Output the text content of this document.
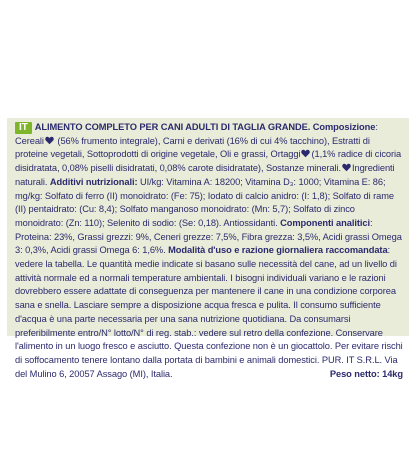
IT ALIMENTO COMPLETO PER CANI ADULTI DI TAGLIA GRANDE. Composizione: Cereali (56% frumento integrale), Carni e derivati (16% di cui 4% tacchino), Estratti di proteine vegetali, Sottoprodotti di origine vegetale, Oli e grassi, Ortaggi (1,1% radice di cicoria disidratata, 0,08% piselli disidratati, 0,08% carote disidratate), Sostanze minerali. Ingredienti naturali. Additivi nutrizionali: UI/kg: Vitamina A: 18200; Vitamina D₃: 1000; Vitamina E: 86; mg/kg: Solfato di ferro (II) monoidrato: (Fe: 75); Iodato di calcio anidro: (I: 1,8); Solfato di rame (II) pentaidrato: (Cu: 8,4); Solfato manganoso monoidrato: (Mn: 5,7); Solfato di zinco monoidrato: (Zn: 110); Selenito di sodio: (Se: 0,18). Antiossidanti. Componenti analitici: Proteina: 23%, Grassi grezzi: 9%, Ceneri grezze: 7,5%, Fibra grezza: 3,5%, Acidi grassi Omega 3: 0,3%, Acidi grassi Omega 6: 1,6%. Modalità d'uso e razione giornaliera raccomandata: vedere la tabella. Le quantità medie indicate si basano sulle necessità del cane, ad un livello di attività normale ed a normali temperature ambientali. I bisogni individuali variano e le razioni dovrebbero essere adattate di conseguenza per mantenere il cane in una condizione corporea sana e snella. Lasciare sempre a disposizione acqua fresca e pulita. Il consumo sufficiente d'acqua è una parte necessaria per una sana nutrizione quotidiana. Da consumarsi preferibilmente entro/N° lotto/N° di reg. stab.: vedere sul retro della confezione. Conservare l'alimento in un luogo fresco e asciutto. Questa confezione non è un giocattolo. Per evitare rischi di soffocamento tenere lontano dalla portata di bambini e animali domestici. PUR. IT S.R.L. Via del Mulino 6, 20057 Assago (MI), Italia.	Peso netto: 14kg
